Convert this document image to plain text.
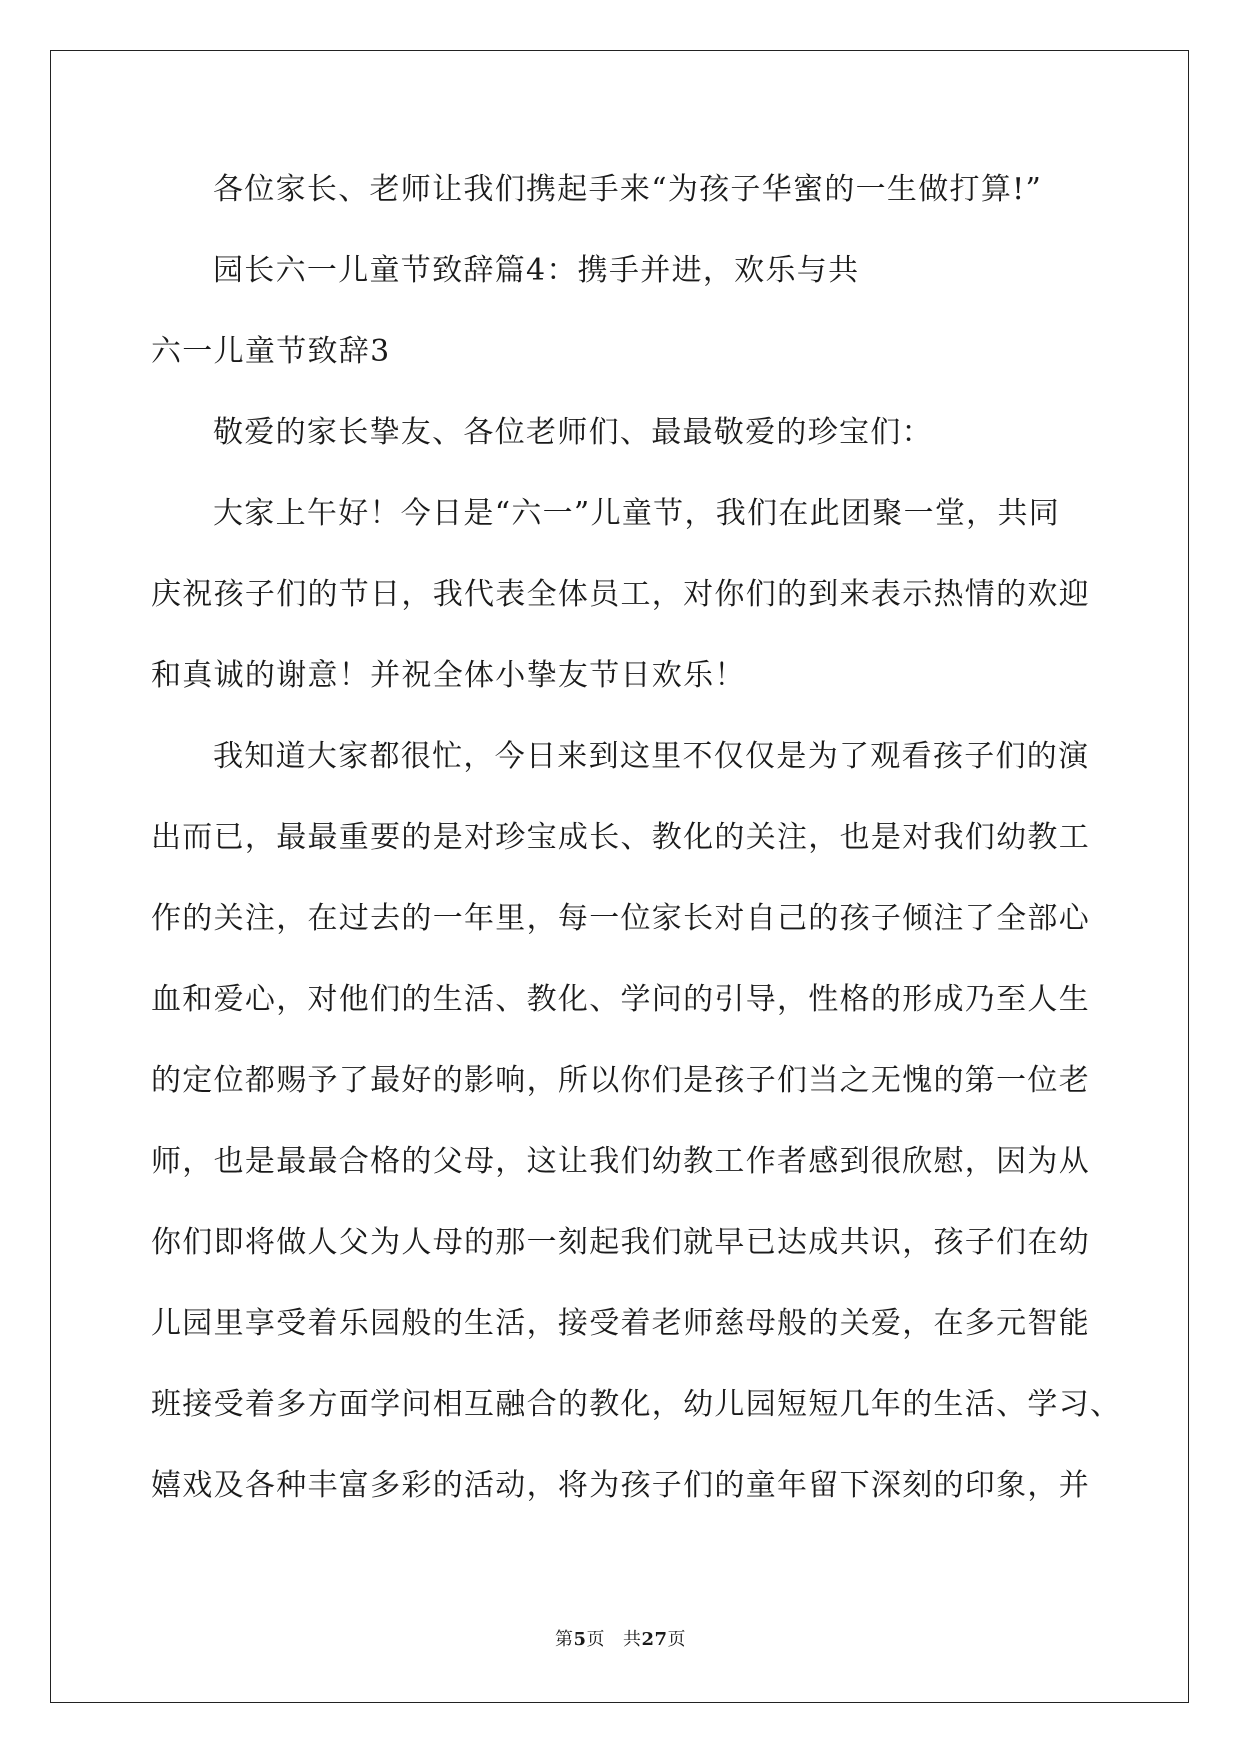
各位家长、老师让我们携起手来“为孩子华蜜的一生做打算!”
园长六一儿童节致辞篇4：携手并进，欢乐与共
六一儿童节致辞3
敬爱的家长挚友、各位老师们、最最敬爱的珍宝们：
大家上午好！今日是“六一”儿童节，我们在此团聚一堂，共同
庆祝孩子们的节日，我代表全体员工，对你们的到来表示热情的欢迎
和真诚的谢意！并祝全体小挚友节日欢乐！
我知道大家都很忙，今日来到这里不仅仅是为了观看孩子们的演
出而已，最最重要的是对珍宝成长、教化的关注，也是对我们幼教工
作的关注，在过去的一年里，每一位家长对自己的孩子倾注了全部心
血和爱心，对他们的生活、教化、学问的引导，性格的形成乃至人生
的定位都赐予了最好的影响，所以你们是孩子们当之无愧的第一位老
师，也是最最合格的父母，这让我们幼教工作者感到很欣慰，因为从
你们即将做人父为人母的那一刻起我们就早已达成共识，孩子们在幼
儿园里享受着乐园般的生活，接受着老师慈母般的关爱，在多元智能
班接受着多方面学问相互融合的教化，幼儿园短短几年的生活、学习、
嬉戏及各种丰富多彩的活动，将为孩子们的童年留下深刻的印象，并
第5页 共27页
